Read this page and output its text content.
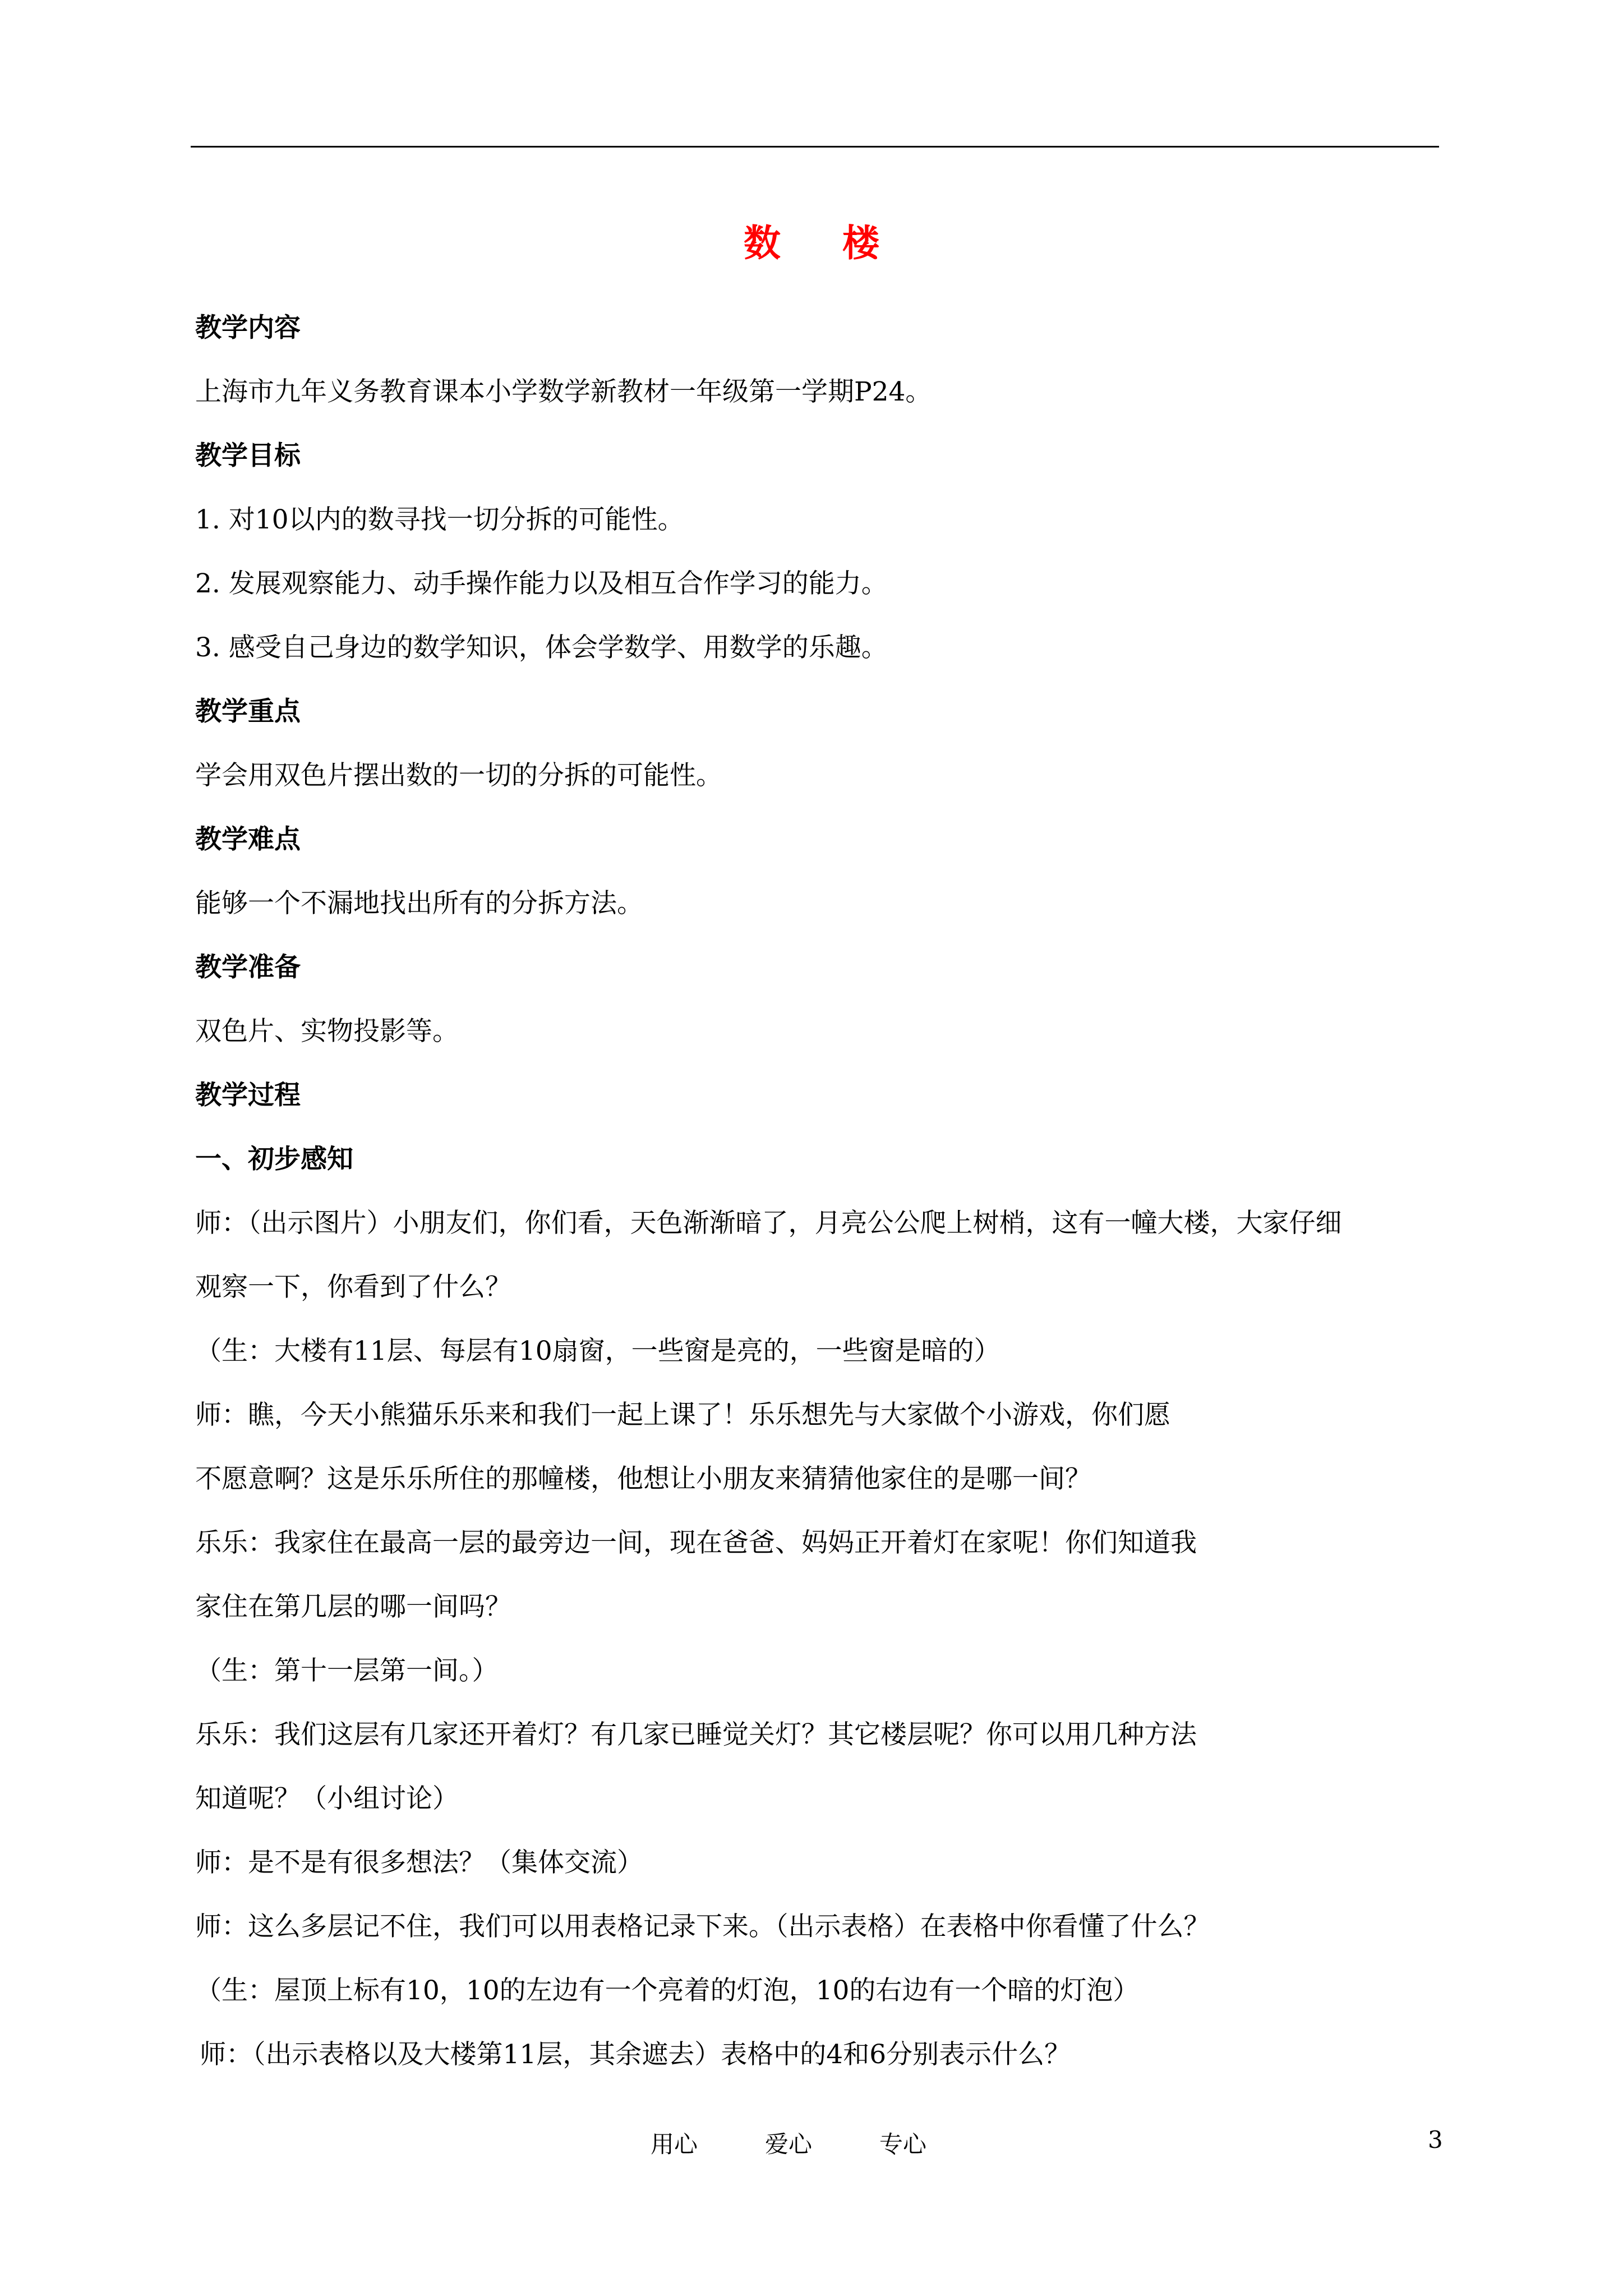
数 楼

教学内容

上海市九年义务教育课本小学数学新教材一年级第一学期P24。

教学目标

1. 对10以内的数寻找一切分拆的可能性。

2. 发展观察能力、动手操作能力以及相互合作学习的能力。

3. 感受自己身边的数学知识，体会学数学、用数学的乐趣。

教学重点

学会用双色片摆出数的一切的分拆的可能性。

教学难点

能够一个不漏地找出所有的分拆方法。

教学准备

双色片、实物投影等。

教学过程

一、初步感知

师：（出示图片）小朋友们，你们看，天色渐渐暗了，月亮公公爬上树梢，这有一幢大楼，大家仔细

观察一下，你看到了什么？

（生：大楼有11层、每层有10扇窗，一些窗是亮的，一些窗是暗的）

师：瞧，今天小熊猫乐乐来和我们一起上课了！乐乐想先与大家做个小游戏，你们愿

不愿意啊？这是乐乐所住的那幢楼，他想让小朋友来猜猜他家住的是哪一间？

乐乐：我家住在最高一层的最旁边一间，现在爸爸、妈妈正开着灯在家呢！你们知道我

家住在第几层的哪一间吗？

（生：第十一层第一间。）

乐乐：我们这层有几家还开着灯？有几家已睡觉关灯？其它楼层呢？你可以用几种方法

知道呢？（小组讨论）

师：是不是有很多想法？（集体交流）

师：这么多层记不住，我们可以用表格记录下来。（出示表格）在表格中你看懂了什么？

（生：屋顶上标有10，10的左边有一个亮着的灯泡，10的右边有一个暗的灯泡）

师：（出示表格以及大楼第11层，其余遮去）表格中的4和6分别表示什么？

用心	爱心	专心	3
